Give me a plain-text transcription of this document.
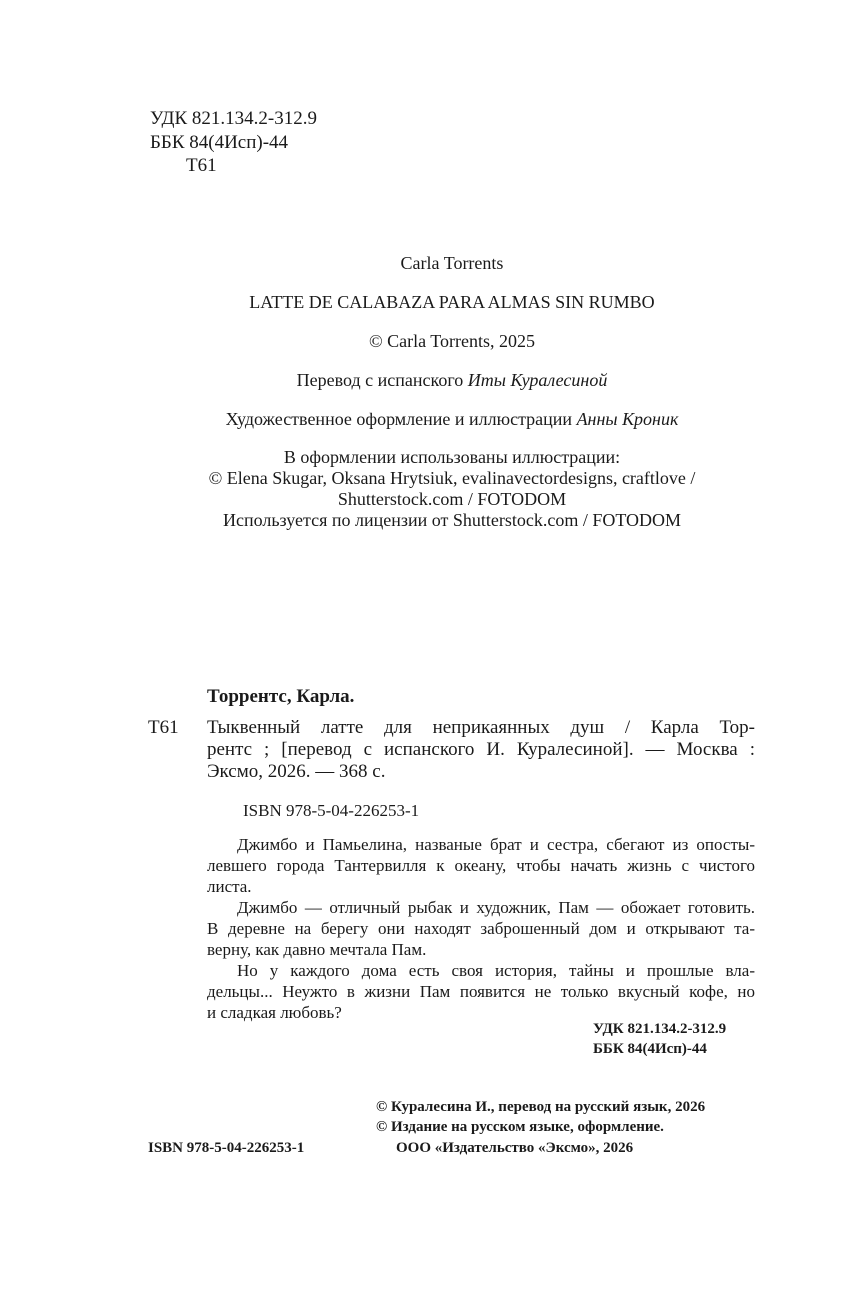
УДК 821.134.2-312.9
ББК 84(4Исп)-44
Т61
Carla Torrents
LATTE DE CALABAZA PARA ALMAS SIN RUMBO
© Carla Torrents, 2025
Перевод с испанского Иты Куралесиной
Художественное оформление и иллюстрации Анны Кроник
В оформлении использованы иллюстрации:
© Elena Skugar, Oksana Hrytsiuk, evalinavectordesigns, craftlove /
Shutterstock.com / FOTODOM
Используется по лицензии от Shutterstock.com / FOTODOM
Торрентс, Карла.
Т61 Тыквенный латте для неприкаянных душ / Карла Тор-
рентс ; [перевод с испанского И. Куралесиной]. — Москва :
Эксмо, 2026. — 368 с.
ISBN 978-5-04-226253-1
Джимбо и Памьелина, названые брат и сестра, сбегают из опосты-
левшего города Тантервилля к океану, чтобы начать жизнь с чистого
листа.
Джимбо — отличный рыбак и художник, Пам — обожает готовить.
В деревне на берегу они находят заброшенный дом и открывают та-
верну, как давно мечтала Пам.
Но у каждого дома есть своя история, тайны и прошлые вла-
дельцы... Неужто в жизни Пам появится не только вкусный кофе, но
и сладкая любовь?
УДК 821.134.2-312.9
ББК 84(4Исп)-44
© Куралесина И., перевод на русский язык, 2026
© Издание на русском языке, оформление.
ООО «Издательство «Эксмо», 2026
ISBN 978-5-04-226253-1
